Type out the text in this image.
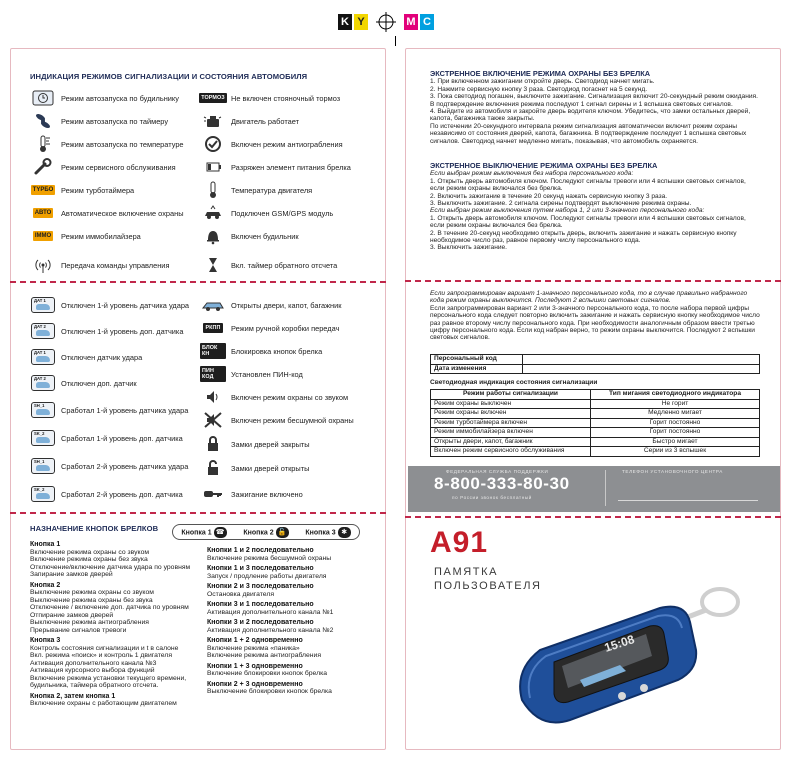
K Y	M C
ИНДИКАЦИЯ РЕЖИМОВ СИГНАЛИЗАЦИИ И СОСТОЯНИЯ АВТОМОБИЛЯ
Режим автозапуска по будильнику
Режим автозапуска по таймеру
Режим автозапуска по температуре
Режим сервисного обслуживания
TYPБO Режим турботаймера
АВТО Автоматическое включение охраны
IMMO Режим иммобилайзера
Передача команды управления
ТОРМОЗ Не включен стояночный тормоз
Двигатель работает
Включен режим антиограбления
Разряжен элемент питания брелка
Температура двигателя
Подключен GSM/GPS модуль
Включен будильник
Вкл. таймер обратного отсчета
ДАТ 1 Отключен 1-й уровень датчика удара
ДАТ 2 Отключен 1-й уровень доп. датчика
ДАТ 1 Отключен датчик удара
ДАТ 2 Отключен доп. датчик
SH_1 Сработал 1-й уровень датчика удара
SK_2 Сработал 1-й уровень доп. датчика
SH_1 Сработал 2-й уровень датчика удара
SK_2 Сработал 2-й уровень доп. датчика
Открыты двери, капот, багажник
РКПП Режим ручной коробки передач
БЛОК КН	Блокировка кнопок брелка
ПИН КОД	Установлен ПИН-код
Включен режим охраны со звуком
Включен режим бесшумной охраны
Замки дверей закрыты
Замки дверей открыты
Зажигание включено
НАЗНАЧЕНИЕ КНОПОК БРЕЛКОВ	Кнопка 1 ☎	Кнопка 2 🔓	Кнопка 3 ✱
Кнопка 1
Включение режима охраны со звуком
Включение режима охраны без звука
Отключение/включение датчика удара по уровням
Запирание замков дверей
Кнопка 2
Выключение режима охраны со звуком
Выключение режима охраны без звука
Отключение / включение доп. датчика по уровням
Отпирание замков дверей
Выключение режима антиограбления
Прерывание сигналов тревоги
Кнопка 3
Контроль состояния сигнализации и t в салоне
Вкл. режима «поиск» и контроль 1 двигателя
Активация дополнительного канала №3
Активация курсорного выбора функций
Включение режима установки текущего времени,
будильника, таймера обратного отсчета.
Кнопка 2, затем кнопка 1
Включение охраны с работающим двигателем
Кнопки 1 и 2 последовательно
Включение режима бесшумной охраны
Кнопки 1 и 3 последовательно
Запуск / продление работы двигателя
Кнопки 2 и 3 последовательно
Остановка двигателя
Кнопки 3 и 1 последовательно
Активация дополнительного канала №1
Кнопки 3 и 2 последовательно
Активация дополнительного канала №2
Кнопки 1 + 2 одновременно
Включение режима «паника»
Включение режима антиограбления
Кнопки 1 + 3 одновременно
Включение блокировки кнопок брелка
Кнопки 2 + 3 одновременно
Выключение блокировки кнопок брелка
ЭКСТРЕННОЕ ВКЛЮЧЕНИЕ РЕЖИМА ОХРАНЫ БЕЗ БРЕЛКА

1. При включенном зажигании откройте дверь. Светодиод начнет мигать.

2. Нажмите сервисную кнопку 3 раза. Светодиод погаснет на 5 секунд.

3. Пока светодиод погашен, выключите зажигание. Сигнализация включит 20-секундный режим ожидания. В подтверждение включения режима последуют 1 сигнал сирены и 1 вспышка световых сигналов.

4. Выйдите из автомобиля и закройте дверь водителя ключом. Убедитесь, что замки остальных дверей, капота, багажника также закрыты.

По истечении 20-секундного интервала режим сигнализация автоматически включит режим охраны независимо от состояния дверей, капота, багажника. В подтверждение последует 1 вспышка световых сигналов. Светодиод начнет медленно мигать, показывая, что автомобиль охраняется.

ЭКСТРЕННОЕ ВЫКЛЮЧЕНИЕ РЕЖИМА ОХРАНЫ БЕЗ БРЕЛКА

Если выбран режим выключения без набора персонального кода:

1. Открыть дверь автомобиля ключом. Последуют сигналы тревоги или 4 вспышки световых сигналов, если режим охраны включался без брелка.

2. Включить зажигание в течение 20 секунд нажать сервисную кнопку 3 раза.

3. Выключить зажигание. 2 сигнала сирены подтвердят выключение режима охраны.

Если выбран режим выключения путем набора 1, 2 или 3-значного персонального кода:

1. Открыть дверь автомобиля ключом. Последуют сигналы тревоги или 4 вспышки световых сигналов, если режим охраны включался без брелка.

2. В течение 20-секунд необходимо открыть дверь, включить зажигание и нажать сервисную кнопку необходимое число раз, равное первому числу персонального кода.

3. Выключить зажигание.

Если запрограммирован вариант 1-значного персонального кода, то в случае правильно набранного кода режим охраны выключится. Последуют 2 вспышки световых сигналов.

Если запрограммирован вариант 2 или 3-значного персонального кода, то после набора первой цифры персонального кода следует повторно включить зажигание и нажать сервисную кнопку необходимое число раз равное второму числу персонального кода. При необходимости аналогичным образом ввести третью цифру персонального кода. Если код набран верно, то режим охраны выключится. Последуют 2 вспышки световых сигналов.

Персональный код	
Дата изменения	
Светодиодная индикация состояния сигнализации
Режим работы сигнализации	Тип мигания светодиодного индикатора
Режим охраны выключен	Не горит
Режим охраны включен	Медленно мигает
Режим турботаймера включен	Горит постоянно
Режим иммобилайзера включен	Горит постоянно
Открыты двери, капот, багажник	Быстро мигает
Включен режим сервисного обслуживания	Серии из 3 вспышек
ФЕДЕРАЛЬНАЯ СЛУЖБА ПОДДЕРЖКИ
8-800-333-80-30
по России звонок бесплатный
ТЕЛЕФОН УСТАНОВОЧНОГО ЦЕНТРА
A91
ПАМЯТКА
ПОЛЬЗОВАТЕЛЯ
15:08
